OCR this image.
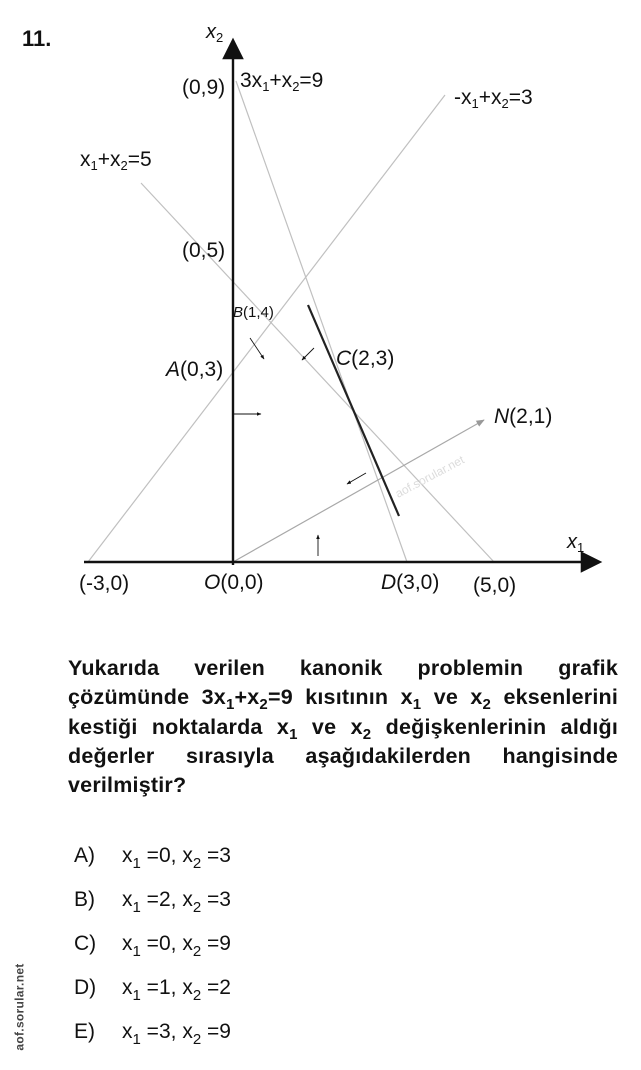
11.	$x_2$
$x_1$
3x1+x2=9
-x1+x2=3
x1+x2=5
(0,9)
(0,5)
B(1,4)
A(0,3)	C(2,3)
N(2,1)
(-3,0)	O(0,0)	D(3,0) (5,0)
aof.sorular.net
Yukarıda verilen kanonik problemin grafik çözümünde $3x_1+x_2=9$ kısıtının $x_1$ ve $x_2$ eksenlerini kestiği noktalarda $x_1$ ve $x_2$ değişkenlerinin aldığı değerler sırasıyla aşağıdakilerden hangisinde verilmiştir?
A) $x_1 =0$, $x_2 =3$
B) $x_1 =2$, $x_2 =3$
C) $x_1 =0$, $x_2 =9$
D) $x_1 =1$, $x_2 =2$
E) $x_1 =3$, $x_2 =9$
aof.sorular.net
